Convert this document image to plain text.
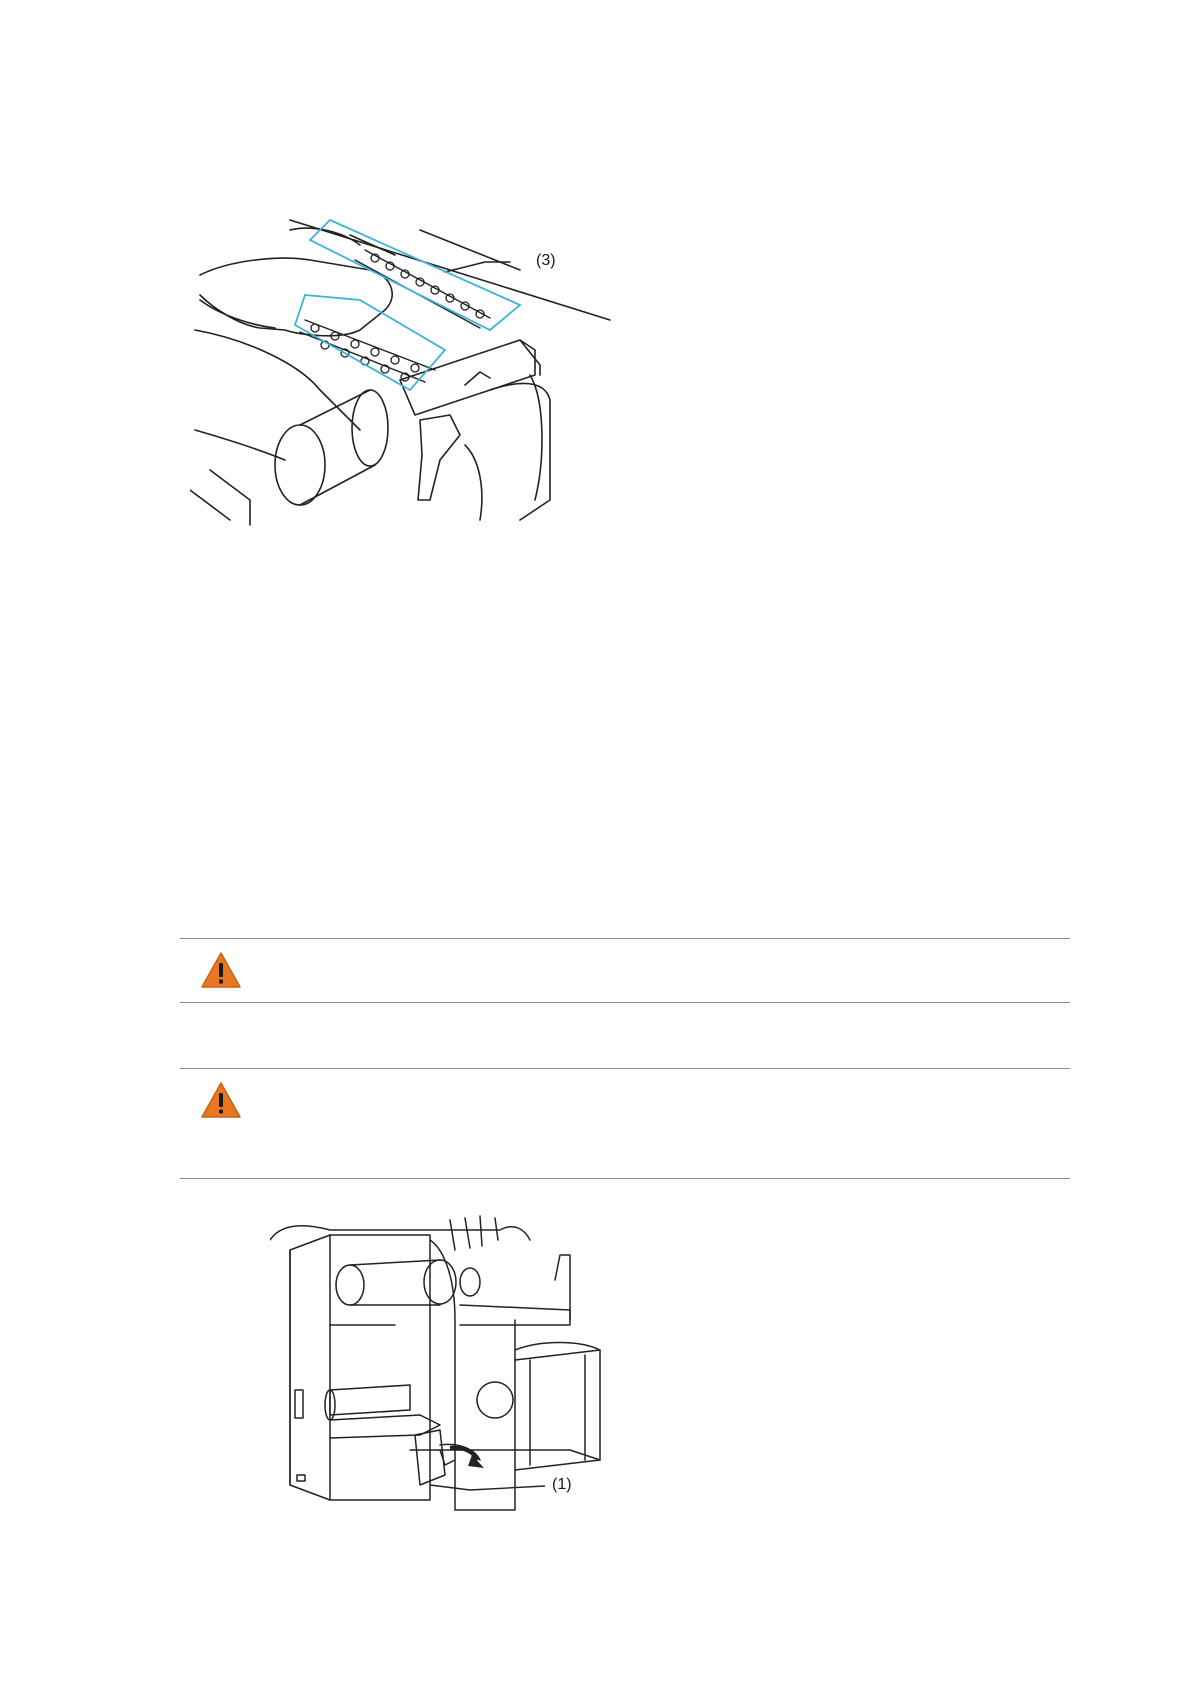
(3)
(1)
